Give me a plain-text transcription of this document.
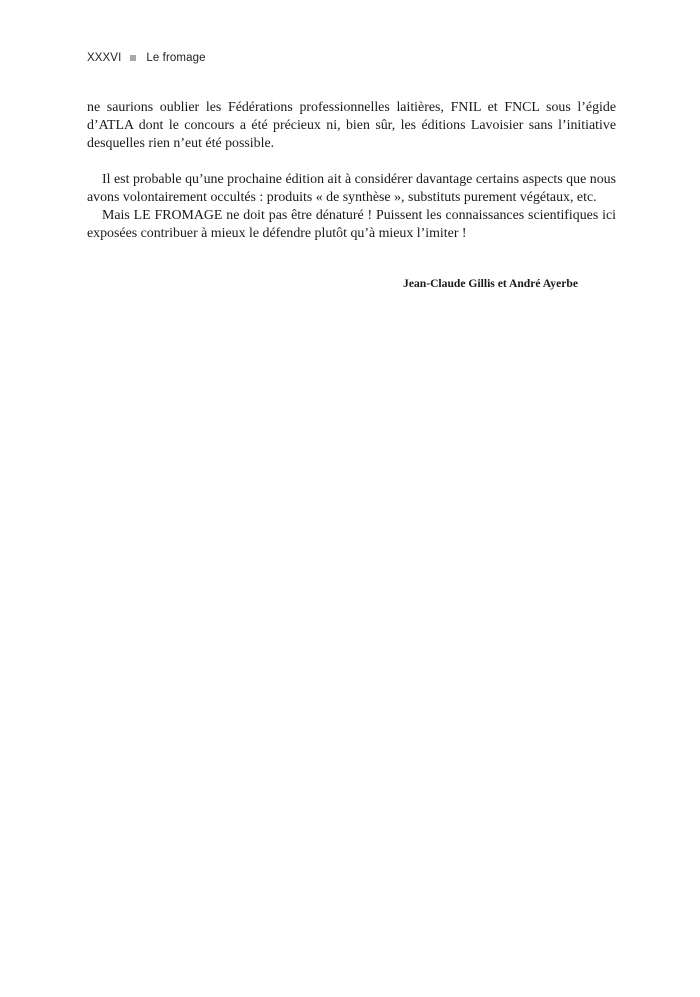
XXXVI Le fromage

ne saurions oublier les Fédérations professionnelles laitières, FNIL et FNCL sous l’égide d’ATLA dont le concours a été précieux ni, bien sûr, les éditions Lavoisier sans l’initiative desquelles rien n’eut été possible.

Il est probable qu’une prochaine édition ait à considérer davantage certains aspects que nous avons volontairement occultés : produits « de synthèse », substituts purement végétaux, etc.

Mais LE FROMAGE ne doit pas être dénaturé ! Puissent les connaissances scientifiques ici exposées contribuer à mieux le défendre plutôt qu’à mieux l’imiter !

Jean-Claude Gillis et André Ayerbe
